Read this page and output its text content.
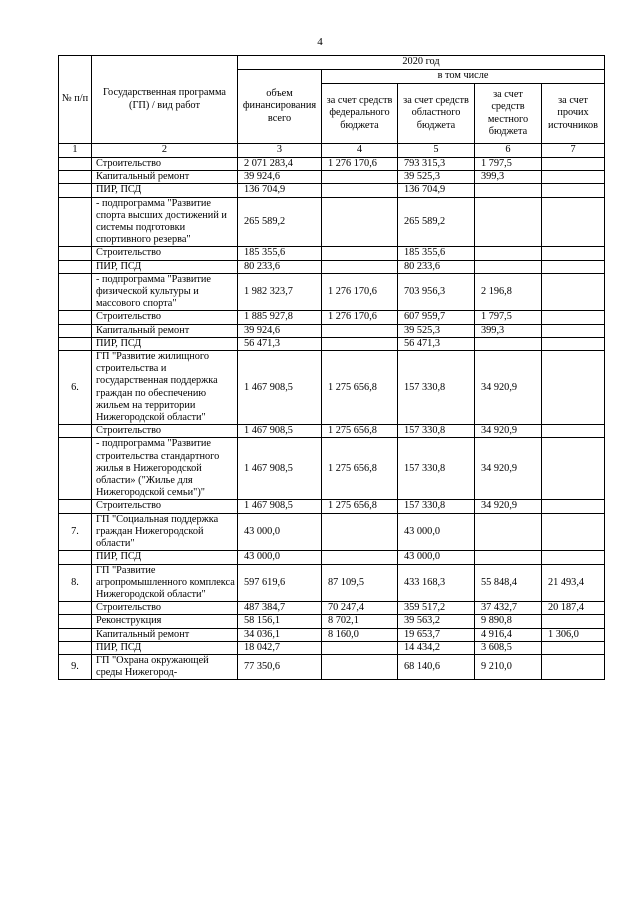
4
№ п/п	Государственная программа (ГП) / вид работ	2020 год				
		объем финансирования всего	в том числе			
			за счет средств федерального бюджета	за счет средств областного бюджета	за счет средств местного бюджета	за счет прочих источников
1	2	3	4	5	6	7
	Строительство	2 071 283,4	1 276 170,6	793 315,3	1 797,5	
	Капитальный ремонт	39 924,6		39 525,3	399,3	
	ПИР, ПСД	136 704,9		136 704,9		
	- подпрограмма "Развитие спорта высших достижений и системы подготовки спортивного резерва"	265 589,2		265 589,2		
	Строительство	185 355,6		185 355,6		
	ПИР, ПСД	80 233,6		80 233,6		
	- подпрограмма "Развитие физической культуры и массового спорта"	1 982 323,7	1 276 170,6	703 956,3	2 196,8	
	Строительство	1 885 927,8	1 276 170,6	607 959,7	1 797,5	
	Капитальный ремонт	39 924,6		39 525,3	399,3	
	ПИР, ПСД	56 471,3		56 471,3		
6.	ГП "Развитие жилищного строительства и государственная поддержка граждан по обеспечению жильем на территории Нижегородской области"	1 467 908,5	1 275 656,8	157 330,8	34 920,9	
	Строительство	1 467 908,5	1 275 656,8	157 330,8	34 920,9	
	- подпрограмма "Развитие строительства стандартного жилья в Нижегородской области» ("Жилье для Нижегородской семьи")"	1 467 908,5	1 275 656,8	157 330,8	34 920,9	
	Строительство	1 467 908,5	1 275 656,8	157 330,8	34 920,9	
7.	ГП "Социальная поддержка граждан Нижегородской области"	43 000,0		43 000,0		
	ПИР, ПСД	43 000,0		43 000,0		
8.	ГП "Развитие агропромышленного комплекса Нижегородской области"	597 619,6	87 109,5	433 168,3	55 848,4	21 493,4
	Строительство	487 384,7	70 247,4	359 517,2	37 432,7	20 187,4
	Реконструкция	58 156,1	8 702,1	39 563,2	9 890,8	
	Капитальный ремонт	34 036,1	8 160,0	19 653,7	4 916,4	1 306,0
	ПИР, ПСД	18 042,7		14 434,2	3 608,5	
9.	ГП "Охрана окружающей среды Нижегород-	77 350,6		68 140,6	9 210,0	
